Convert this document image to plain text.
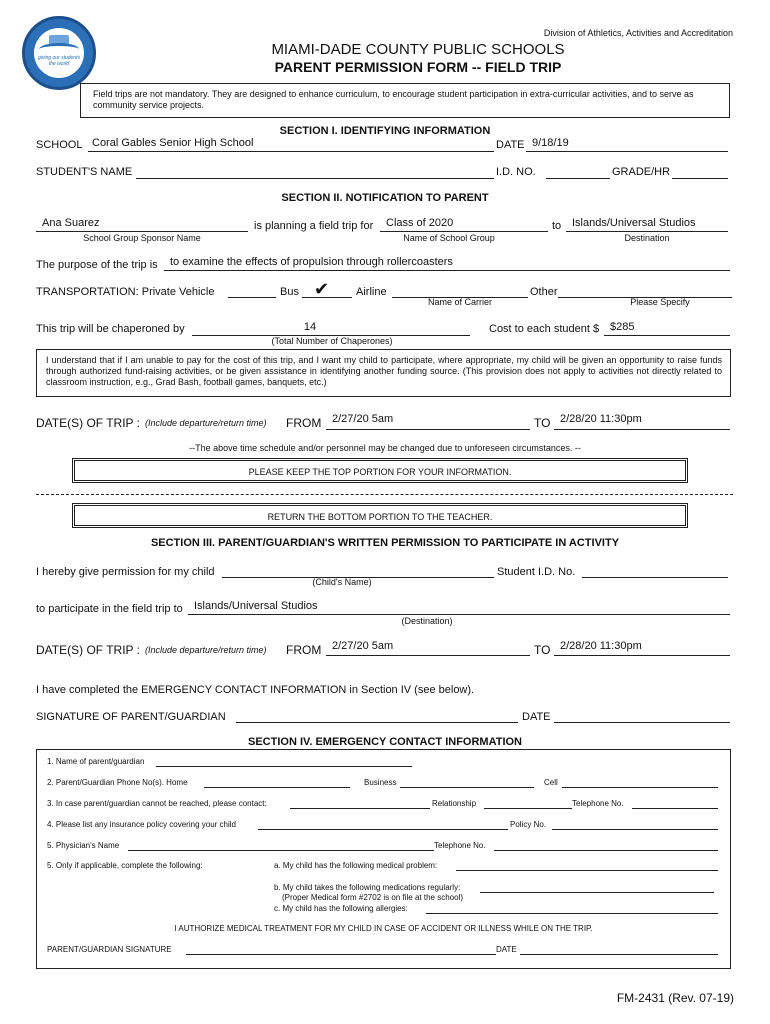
giving our students the world
Division of Athletics, Activities and Accreditation
MIAMI-DADE COUNTY PUBLIC SCHOOLS
PARENT PERMISSION FORM -- FIELD TRIP
Field trips are not mandatory. They are designed to enhance curriculum, to encourage student participation in extra-curricular activities, and to serve as community service projects.
SECTION I. IDENTIFYING INFORMATION
SCHOOL Coral Gables Senior High School	DATE 9/18/19
STUDENT'S NAME	I.D. NO.	GRADE/HR
SECTION II. NOTIFICATION TO PARENT
Ana Suarez	is planning a field trip for Class of 2020	to Islands/Universal Studios
School Group Sponsor Name	Name of School Group	Destination
The purpose of the trip is to examine the effects of propulsion through rollercoasters
TRANSPORTATION: Private Vehicle	Bus ✔ Airline	Other
Name of Carrier	Please Specify
This trip will be chaperoned by	14
(Total Number of Chaperones)
Cost to each student $ $285
I understand that if I am unable to pay for the cost of this trip, and I want my child to participate, where appropriate, my child will be given an opportunity to raise funds through authorized fund-raising activities, or be given assistance in identifying another funding source. (This provision does not apply to activities not directly related to classroom instruction, e.g., Grad Bash, football games, banquets, etc.)
DATE(S) OF TRIP : (Include departure/return time) FROM 2/27/20 5am	TO 2/28/20 11:30pm
--The above time schedule and/or personnel may be changed due to unforeseen circumstances. --
PLEASE KEEP THE TOP PORTION FOR YOUR INFORMATION.
RETURN THE BOTTOM PORTION TO THE TEACHER.
SECTION III. PARENT/GUARDIAN'S WRITTEN PERMISSION TO PARTICIPATE IN ACTIVITY
I hereby give permission for my child
(Child's Name)
Student I.D. No.
to participate in the field trip to Islands/Universal Studios
(Destination)
DATE(S) OF TRIP : (Include departure/return time) FROM 2/27/20 5am	TO 2/28/20 11:30pm
I have completed the EMERGENCY CONTACT INFORMATION in Section IV (see below).
SIGNATURE OF PARENT/GUARDIAN	DATE
SECTION IV. EMERGENCY CONTACT INFORMATION
1. Name of parent/guardian
2. Parent/Guardian Phone No(s). Home	Business	Cell
3. In case parent/guardian cannot be reached, please contact:	Relationship	Telephone No.
4. Please list any insurance policy covering your child	Policy No.
5. Physician's Name	Telephone No.
5. Only if applicable, complete the following:	a. My child has the following medical problem:
b. My child takes the following medications regularly:
(Proper Medical form #2702 is on file at the school)
c. My child has the following allergies:
I AUTHORIZE MEDICAL TREATMENT FOR MY CHILD IN CASE OF ACCIDENT OR ILLNESS WHILE ON THE TRIP.
PARENT/GUARDIAN SIGNATURE	DATE
FM-2431 (Rev. 07-19)
